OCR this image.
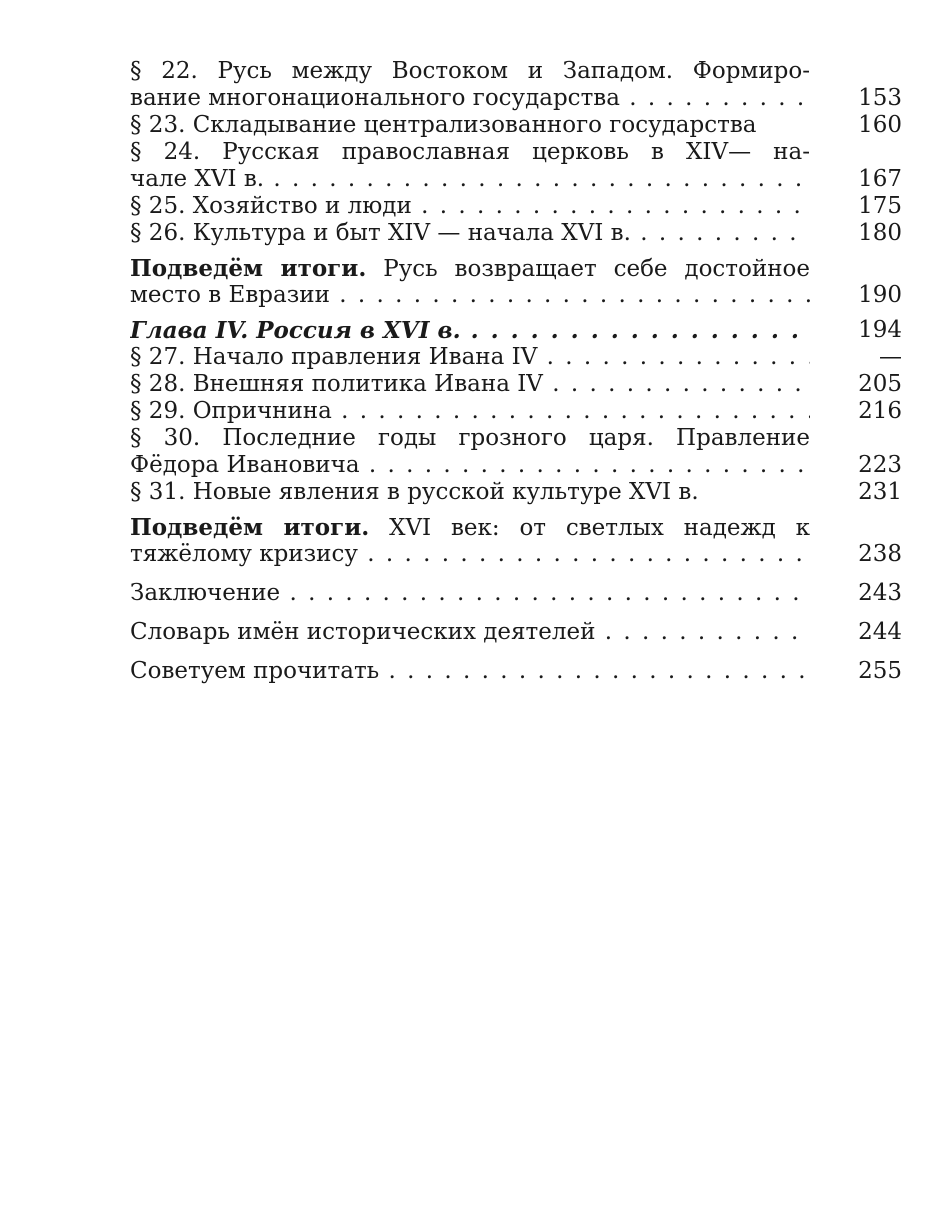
§ 22. Русь между Востоком и Западом. Формиро-
вание многонационального государства . . .	153
§ 23. Складывание централизованного государства	160
§ 24. Русская православная церковь в XIV— на-
чале XVI в. . . .	167
§ 25. Хозяйство и люди . . .	175
§ 26. Культура и быт XIV — начала XVI в. . . .	180
Подведём итоги. Русь возвращает себе достойное
место в Евразии . . .	190
Глава IV. Россия в XVI в. . . .	194
§ 27. Начало правления Ивана IV . . .	—
§ 28. Внешняя политика Ивана IV . . .	205
§ 29. Опричнина . . .	216
§ 30. Последние годы грозного царя. Правление
Фёдора Ивановича . . .	223
§ 31. Новые явления в русской культуре XVI в.	231
Подведём итоги. XVI век: от светлых надежд к
тяжёлому кризису . . .	238
Заключение . . .	243
Словарь имён исторических деятелей . . .	244
Советуем прочитать . . .	255
